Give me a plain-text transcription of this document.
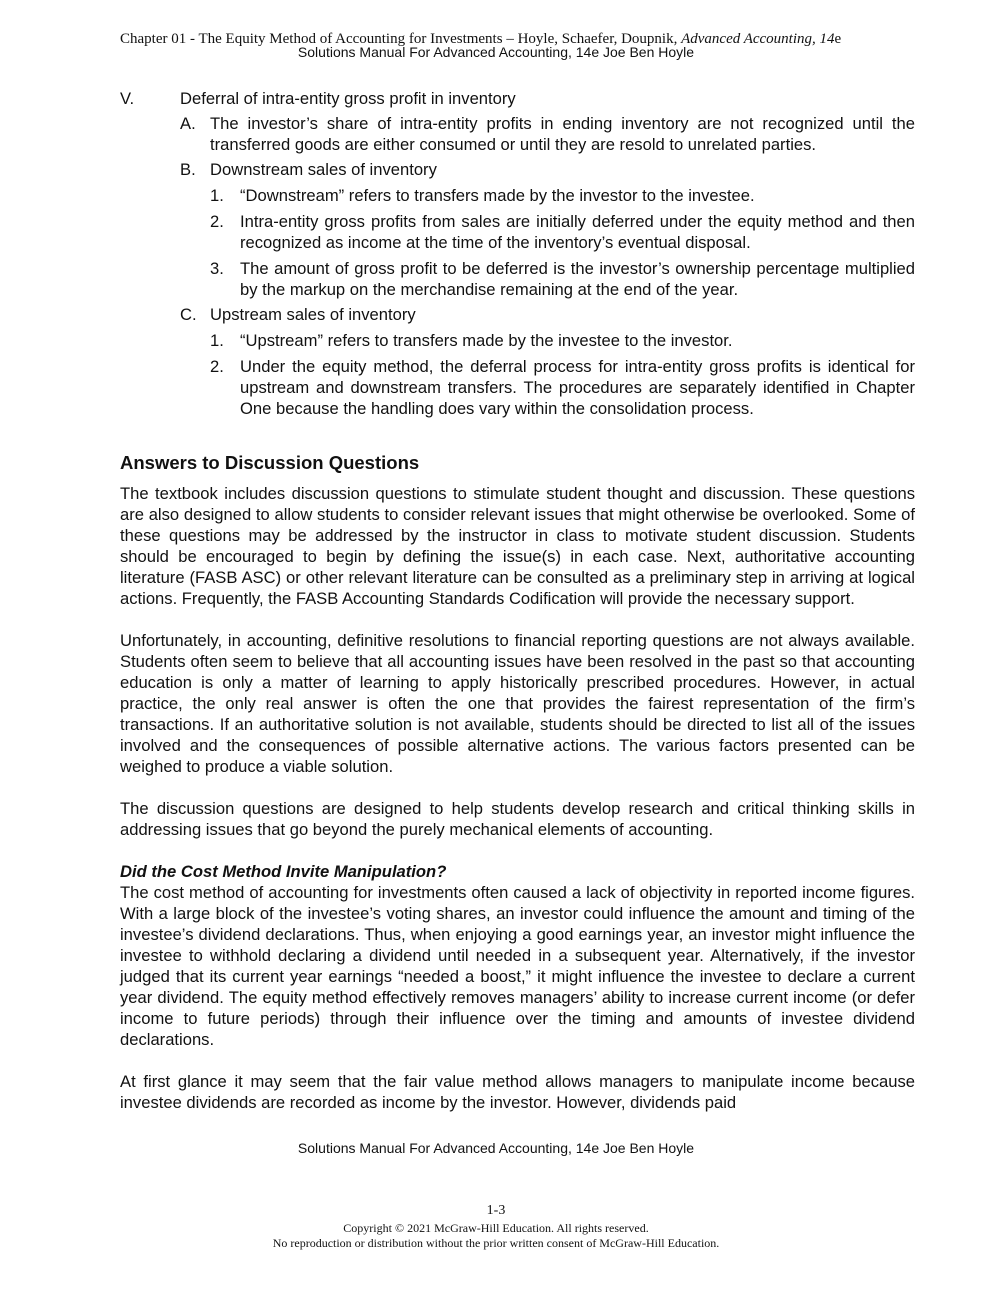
Chapter 01 - The Equity Method of Accounting for Investments – Hoyle, Schaefer, Doupnik, Advanced Accounting, 14e
Solutions Manual For Advanced Accounting, 14e Joe Ben Hoyle
V.	Deferral of intra-entity gross profit in inventory
A. The investor’s share of intra-entity profits in ending inventory are not recognized until the transferred goods are either consumed or until they are resold to unrelated parties.
B. Downstream sales of inventory
1. “Downstream” refers to transfers made by the investor to the investee.
2. Intra-entity gross profits from sales are initially deferred under the equity method and then recognized as income at the time of the inventory’s eventual disposal.
3. The amount of gross profit to be deferred is the investor’s ownership percentage multiplied by the markup on the merchandise remaining at the end of the year.
C. Upstream sales of inventory
1. “Upstream” refers to transfers made by the investee to the investor.
2. Under the equity method, the deferral process for intra-entity gross profits is identical for upstream and downstream transfers. The procedures are separately identified in Chapter One because the handling does vary within the consolidation process.
Answers to Discussion Questions

The textbook includes discussion questions to stimulate student thought and discussion. These questions are also designed to allow students to consider relevant issues that might otherwise be overlooked. Some of these questions may be addressed by the instructor in class to motivate student discussion. Students should be encouraged to begin by defining the issue(s) in each case. Next, authoritative accounting literature (FASB ASC) or other relevant literature can be consulted as a preliminary step in arriving at logical actions. Frequently, the FASB Accounting Standards Codification will provide the necessary support.

Unfortunately, in accounting, definitive resolutions to financial reporting questions are not always available. Students often seem to believe that all accounting issues have been resolved in the past so that accounting education is only a matter of learning to apply historically prescribed procedures. However, in actual practice, the only real answer is often the one that provides the fairest representation of the firm’s transactions. If an authoritative solution is not available, students should be directed to list all of the issues involved and the consequences of possible alternative actions. The various factors presented can be weighed to produce a viable solution.

The discussion questions are designed to help students develop research and critical thinking skills in addressing issues that go beyond the purely mechanical elements of accounting.

Did the Cost Method Invite Manipulation?

The cost method of accounting for investments often caused a lack of objectivity in reported income figures. With a large block of the investee’s voting shares, an investor could influence the amount and timing of the investee’s dividend declarations. Thus, when enjoying a good earnings year, an investor might influence the investee to withhold declaring a dividend until needed in a subsequent year. Alternatively, if the investor judged that its current year earnings “needed a boost,” it might influence the investee to declare a current year dividend. The equity method effectively removes managers’ ability to increase current income (or defer income to future periods) through their influence over the timing and amounts of investee dividend declarations.

At first glance it may seem that the fair value method allows managers to manipulate income because investee dividends are recorded as income by the investor. However, dividends paid

Solutions Manual For Advanced Accounting, 14e Joe Ben Hoyle
1-3
Copyright © 2021 McGraw-Hill Education. All rights reserved.
No reproduction or distribution without the prior written consent of McGraw-Hill Education.
